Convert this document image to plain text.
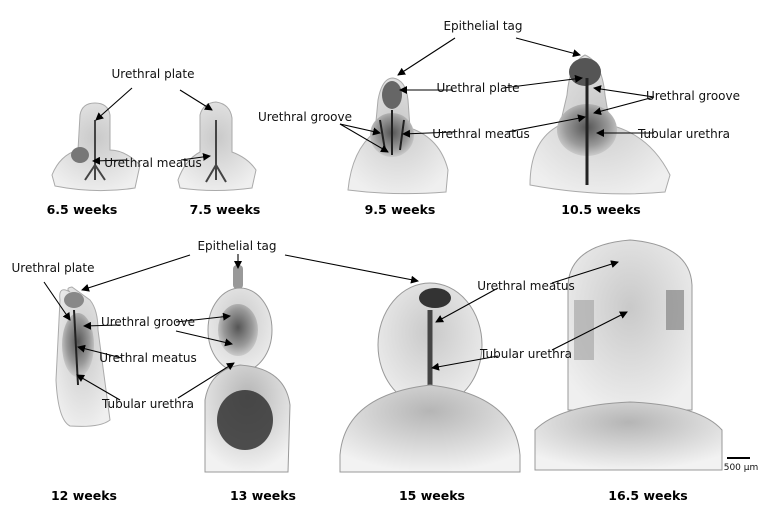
Urethral plate
Urethral meatus
Epithelial tag
Urethral plate
Urethral groove
Urethral meatus
Urethral groove
Tubular urethra
Urethral plate
Epithelial tag
Urethral groove
Urethral meatus
Tubular urethra
Urethral meatus
Tubular urethra
500 µm
6.5 weeks	7.5 weeks	9.5 weeks	10.5 weeks
12 weeks	13 weeks	15 weeks	16.5 weeks
